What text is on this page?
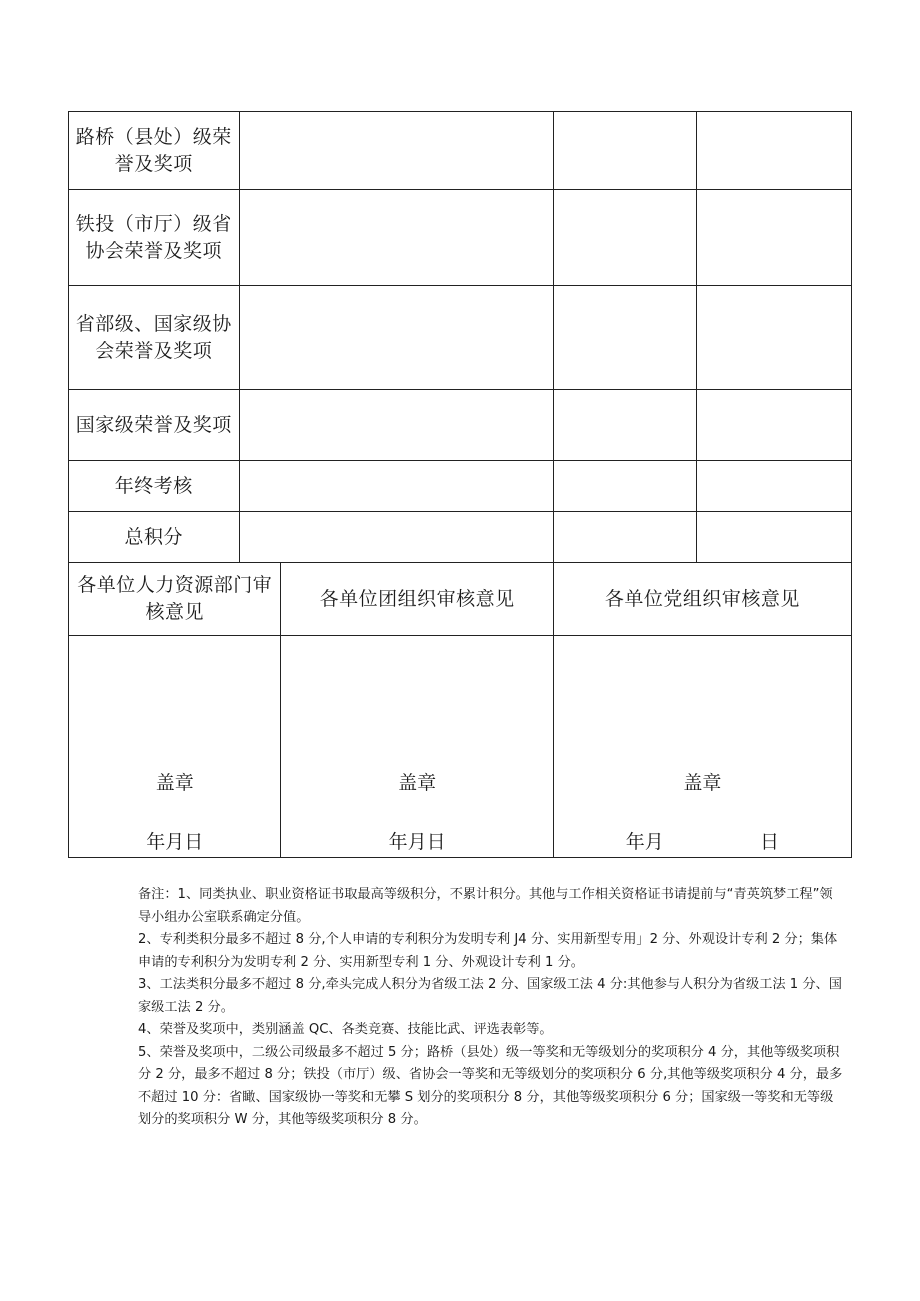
路桥（县处）级荣誉及奖项
铁投（市厅）级省协会荣誉及奖项
省部级、国家级协会荣誉及奖项
国家级荣誉及奖项
年终考核
总积分
各单位人力资源部门审核意见
各单位团组织审核意见	各单位党组织审核意见
盖章
年月日
盖章
年月日
盖章
年月	日

备注：1、同类执业、职业资格证书取最高等级积分，不累计积分。其他与工作相关资格证书请提前与“青英筑梦工程”领导小组办公室联系确定分值。

2、专利类积分最多不超过 8 分,个人申请的专利积分为发明专利 J4 分、实用新型专用」2 分、外观设计专利 2 分；集体申请的专利积分为发明专利 2 分、实用新型专利 1 分、外观设计专利 1 分。

3、工法类积分最多不超过 8 分,牵头完成人积分为省级工法 2 分、国家级工法 4 分:其他参与人积分为省级工法 1 分、国家级工法 2 分。

4、荣誉及奖项中，类别涵盖 QC、各类竞赛、技能比武、评选表彰等。

5、荣誉及奖项中，二级公司级最多不超过 5 分；路桥（县处）级一等奖和无等级划分的奖项积分 4 分，其他等级奖项积分 2 分，最多不超过 8 分；铁投（市厅）级、省协会一等奖和无等级划分的奖项积分 6 分,其他等级奖项积分 4 分，最多不超过 10 分：省瞰、国家级协一等奖和无攀 S 划分的奖项积分 8 分，其他等级奖项积分 6 分；国家级一等奖和无等级划分的奖项积分 W 分，其他等级奖项积分 8 分。
